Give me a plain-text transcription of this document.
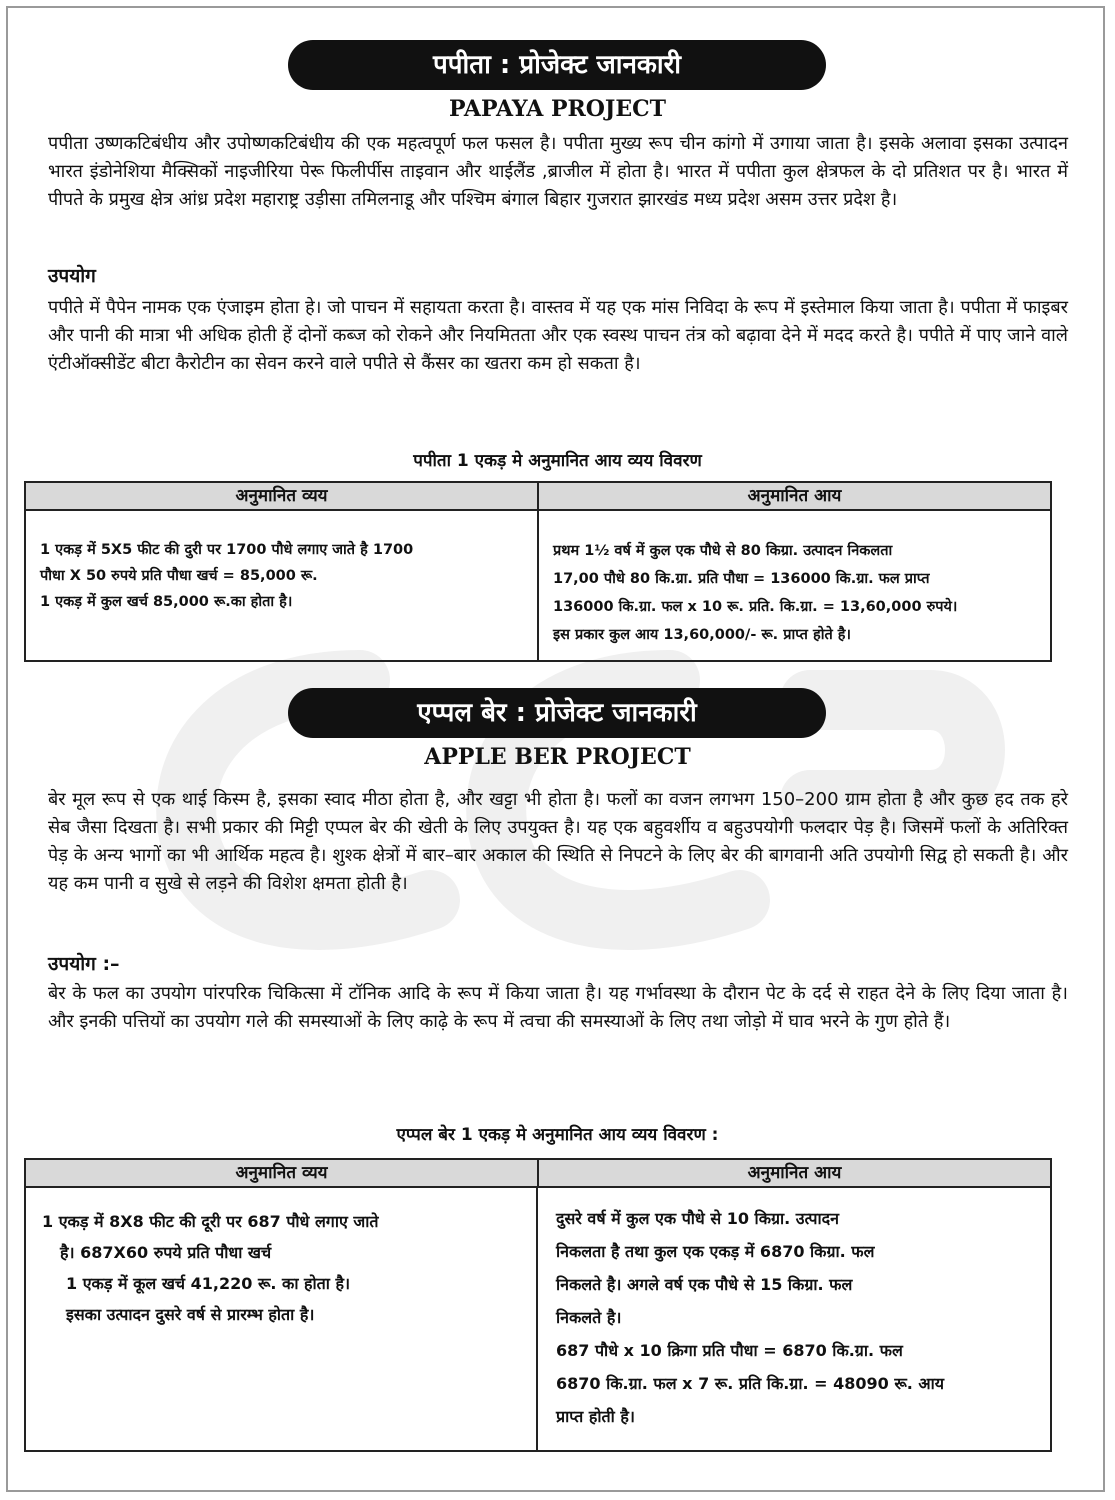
पपीता : प्रोजेक्ट जानकारी
PAPAYA PROJECT

पपीता उष्णकटिबंधीय और उपोष्णकटिबंधीय की एक महत्वपूर्ण फल फसल है। पपीता मुख्य रूप चीन कांगो में उगाया जाता है। इसके अलावा इसका उत्पादन भारत इंडोनेशिया मैक्सिकों नाइजीरिया पेरू फिलीर्पीस ताइवान और थाईलैंड ,ब्राजील में होता है। भारत में पपीता कुल क्षेत्रफल के दो प्रतिशत पर है। भारत में पीपते के प्रमुख क्षेत्र आंध्र प्रदेश महाराष्ट्र उड़ीसा तमिलनाडू और पश्चिम बंगाल बिहार गुजरात झारखंड मध्य प्रदेश असम उत्तर प्रदेश है।

उपयोग

पपीते में पैपेन नामक एक एंजाइम होता हे। जो पाचन में सहायता करता है। वास्तव में यह एक मांस निविदा के रूप में इस्तेमाल किया जाता है। पपीता में फाइबर और पानी की मात्रा भी अधिक होती हें दोनों कब्ज को रोकने और नियमितता और एक स्वस्थ पाचन तंत्र को बढ़ावा देने में मदद करते है। पपीते में पाए जाने वाले एंटीऑक्सीडेंट बीटा कैरोटीन का सेवन करने वाले पपीते से कैंसर का खतरा कम हो सकता है।

पपीता 1 एकड़ मे अनुमानित आय व्यय विवरण
अनुमानित व्यय	अनुमानित आय

1 एकड़ में 5X5 फीट की दुरी पर 1700 पौधे लगाए जाते है 1700

पौधा X 50 रुपये प्रति पौधा खर्च = 85,000 रू.

1 एकड़ में कुल खर्च 85,000 रू.का होता है।

प्रथम 1½ वर्ष में कुल एक पौधे से 80 किग्रा. उत्पादन निकलता

17,00 पौधे 80 कि.ग्रा. प्रति पौधा = 136000 कि.ग्रा. फल प्राप्त

136000 कि.ग्रा. फल x 10 रू. प्रति. कि.ग्रा. = 13,60,000 रुपये।

इस प्रकार कुल आय 13,60,000/- रू. प्राप्त होते है।

एप्पल बेर : प्रोजेक्ट जानकारी
APPLE BER PROJECT

बेर मूल रूप से एक थाई किस्म है, इसका स्वाद मीठा होता है, और खट्टा भी होता है। फलों का वजन लगभग 150–200 ग्राम होता है और कुछ हद तक हरे सेब जैसा दिखता है। सभी प्रकार की मिट्टी एप्पल बेर की खेती के लिए उपयुक्त है। यह एक बहुवर्शीय व बहुउपयोगी फलदार पेड़ है। जिसमें फलों के अतिरिक्त पेड़ के अन्य भागों का भी आर्थिक महत्व है। शुश्क क्षेत्रों में बार–बार अकाल की स्थिति से निपटने के लिए बेर की बागवानी अति उपयोगी सिद्व हो सकती है। और यह कम पानी व सुखे से लड़ने की विशेश क्षमता होती है।

उपयोग :–

बेर के फल का उपयोग पांरपरिक चिकित्सा में टॉनिक आदि के रूप में किया जाता है। यह गर्भावस्था के दौरान पेट के दर्द से राहत देने के लिए दिया जाता है। और इनकी पत्तियों का उपयोग गले की समस्याओं के लिए काढ़े के रूप में त्वचा की समस्याओं के लिए तथा जोड़ो में घाव भरने के गुण होते हैं।

एप्पल बेर 1 एकड़ मे अनुमानित आय व्यय विवरण :
अनुमानित व्यय	अनुमानित आय

1 एकड़ में 8X8 फीट की दूरी पर 687 पौधे लगाए जाते

है। 687X60 रुपये प्रति पौधा खर्च

1 एकड़ में कूल खर्च 41,220 रू. का होता है।

इसका उत्पादन दुसरे वर्ष से प्रारम्भ होता है।

दुसरे वर्ष में कुल एक पौधे से 10 किग्रा. उत्पादन

निकलता है तथा कुल एक एकड़ में 6870 किग्रा. फल

निकलते है। अगले वर्ष एक पौधे से 15 किग्रा. फल

निकलते है।

687 पौधे x 10 क्रिगा प्रति पौधा = 6870 कि.ग्रा. फल

6870 कि.ग्रा. फल x 7 रू. प्रति कि.ग्रा. = 48090 रू. आय

प्राप्त होती है।
